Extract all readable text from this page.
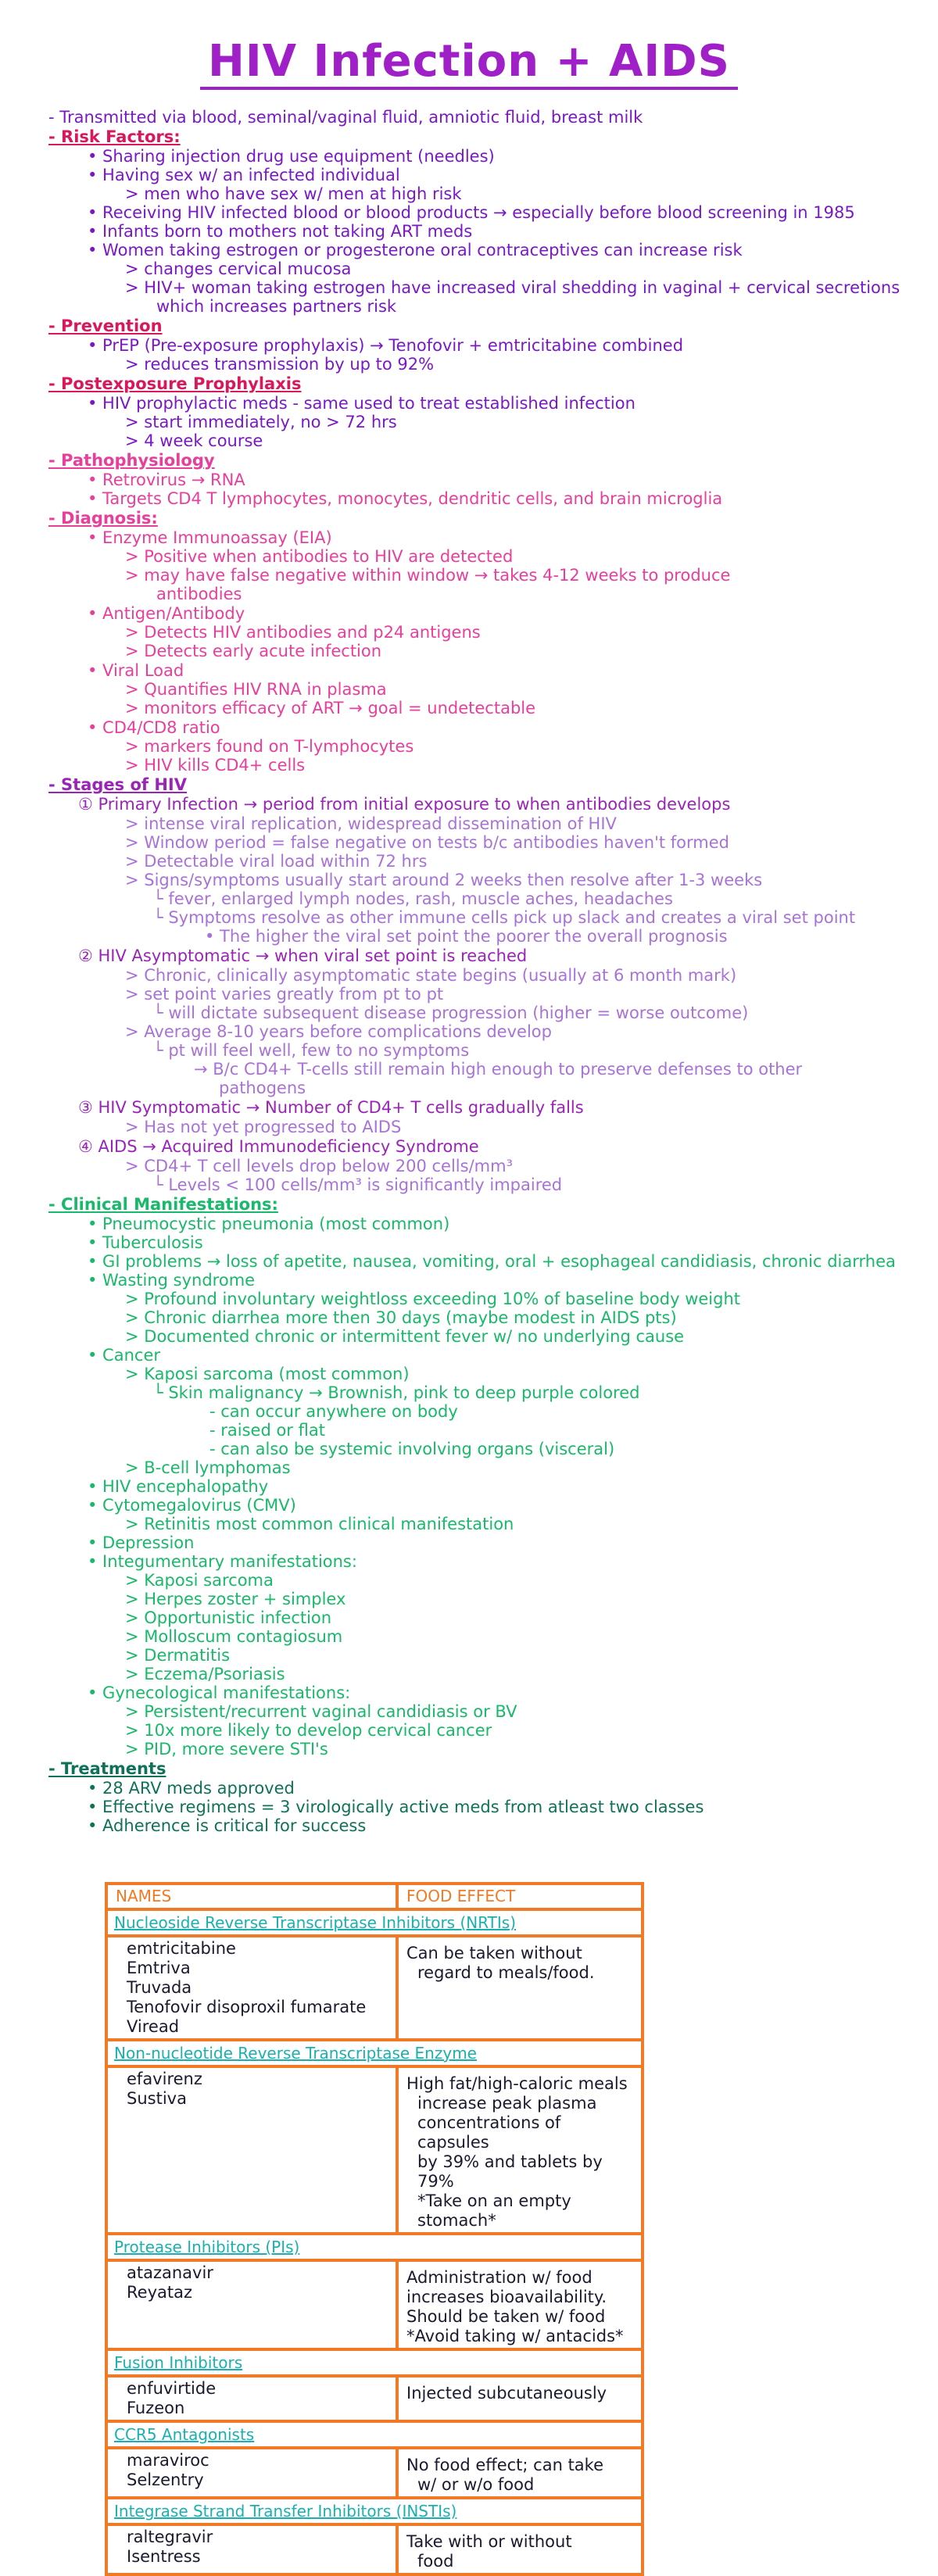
HIV Infection + AIDS
- Transmitted via blood, seminal/vaginal fluid, amniotic fluid, breast milk
- Risk Factors:
• Sharing injection drug use equipment (needles)
• Having sex w/ an infected individual
> men who have sex w/ men at high risk
• Receiving HIV infected blood or blood products → especially before blood screening in 1985
• Infants born to mothers not taking ART meds
• Women taking estrogen or progesterone oral contraceptives can increase risk
> changes cervical mucosa
> HIV+ woman taking estrogen have increased viral shedding in vaginal + cervical secretions
which increases partners risk
- Prevention
• PrEP (Pre-exposure prophylaxis) → Tenofovir + emtricitabine combined
> reduces transmission by up to 92%
- Postexposure Prophylaxis
• HIV prophylactic meds - same used to treat established infection
> start immediately, no > 72 hrs
> 4 week course
- Pathophysiology
• Retrovirus → RNA
• Targets CD4 T lymphocytes, monocytes, dendritic cells, and brain microglia
- Diagnosis:
• Enzyme Immunoassay (EIA)
> Positive when antibodies to HIV are detected
> may have false negative within window → takes 4-12 weeks to produce
antibodies
• Antigen/Antibody
> Detects HIV antibodies and p24 antigens
> Detects early acute infection
• Viral Load
> Quantifies HIV RNA in plasma
> monitors efficacy of ART → goal = undetectable
• CD4/CD8 ratio
> markers found on T-lymphocytes
> HIV kills CD4+ cells
- Stages of HIV
① Primary Infection → period from initial exposure to when antibodies develops
> intense viral replication, widespread dissemination of HIV
> Window period = false negative on tests b/c antibodies haven't formed
> Detectable viral load within 72 hrs
> Signs/symptoms usually start around 2 weeks then resolve after 1-3 weeks
└ fever, enlarged lymph nodes, rash, muscle aches, headaches
└ Symptoms resolve as other immune cells pick up slack and creates a viral set point
• The higher the viral set point the poorer the overall prognosis
② HIV Asymptomatic → when viral set point is reached
> Chronic, clinically asymptomatic state begins (usually at 6 month mark)
> set point varies greatly from pt to pt
└ will dictate subsequent disease progression (higher = worse outcome)
> Average 8-10 years before complications develop
└ pt will feel well, few to no symptoms
→ B/c CD4+ T-cells still remain high enough to preserve defenses to other
pathogens
③ HIV Symptomatic → Number of CD4+ T cells gradually falls
> Has not yet progressed to AIDS
④ AIDS → Acquired Immunodeficiency Syndrome
> CD4+ T cell levels drop below 200 cells/mm³
└ Levels < 100 cells/mm³ is significantly impaired
- Clinical Manifestations:
• Pneumocystic pneumonia (most common)
• Tuberculosis
• GI problems → loss of apetite, nausea, vomiting, oral + esophageal candidiasis, chronic diarrhea
• Wasting syndrome
> Profound involuntary weightloss exceeding 10% of baseline body weight
> Chronic diarrhea more then 30 days (maybe modest in AIDS pts)
> Documented chronic or intermittent fever w/ no underlying cause
• Cancer
> Kaposi sarcoma (most common)
└ Skin malignancy → Brownish, pink to deep purple colored
- can occur anywhere on body
- raised or flat
- can also be systemic involving organs (visceral)
> B-cell lymphomas
• HIV encephalopathy
• Cytomegalovirus (CMV)
> Retinitis most common clinical manifestation
• Depression
• Integumentary manifestations:
> Kaposi sarcoma
> Herpes zoster + simplex
> Opportunistic infection
> Molloscum contagiosum
> Dermatitis
> Eczema/Psoriasis
• Gynecological manifestations:
> Persistent/recurrent vaginal candidiasis or BV
> 10x more likely to develop cervical cancer
> PID, more severe STI's
- Treatments
• 28 ARV meds approved
• Effective regimens = 3 virologically active meds from atleast two classes
• Adherence is critical for success
NAMES	FOOD EFFECT
Nucleoside Reverse Transcriptase Inhibitors (NRTIs)
emtricitabine
Emtriva
Truvada
Tenofovir disoproxil fumarate
Viread
Can be taken without
regard to meals/food.
Non-nucleotide Reverse Transcriptase Enzyme
efavirenz
Sustiva
High fat/high-caloric meals
increase peak plasma
concentrations of capsules
by 39% and tablets by 79%
*Take on an empty stomach*
Protease Inhibitors (PIs)
atazanavir
Reyataz
Administration w/ food
increases bioavailability.
Should be taken w/ food
*Avoid taking w/ antacids*
Fusion Inhibitors
enfuvirtide
Fuzeon
Injected subcutaneously
CCR5 Antagonists
maraviroc
Selzentry
No food effect; can take
w/ or w/o food
Integrase Strand Transfer Inhibitors (INSTIs)
raltegravir
Isentress
Take with or without
food
